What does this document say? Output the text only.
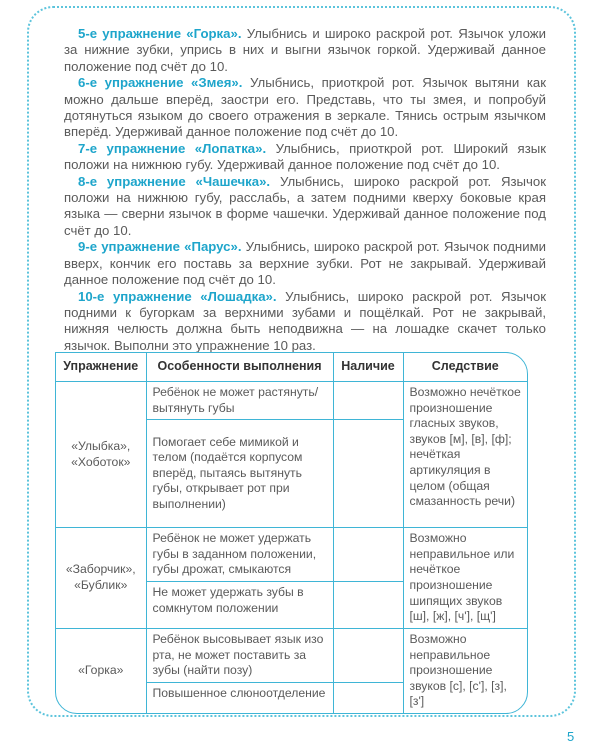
5-е упражнение «Горка». Улыбнись и широко раскрой рот. Язычок уложи за нижние зубки, упрись в них и выгни язычок горкой. Удерживай данное положение под счёт до 10.

6-е упражнение «Змея». Улыбнись, приоткрой рот. Язычок вытяни как можно дальше вперёд, заостри его. Представь, что ты змея, и попробуй дотянуться языком до своего отражения в зеркале. Тянись острым язычком вперёд. Удерживай данное положение под счёт до 10.

7-е упражнение «Лопатка». Улыбнись, приоткрой рот. Широкий язык положи на нижнюю губу. Удерживай данное положение под счёт до 10.

8-е упражнение «Чашечка». Улыбнись, широко раскрой рот. Язычок положи на нижнюю губу, расслабь, а затем подними кверху боковые края языка — сверни язычок в форме чашечки. Удерживай данное положение под счёт до 10.

9-е упражнение «Парус». Улыбнись, широко раскрой рот. Язычок подними вверх, кончик его поставь за верхние зубки. Рот не закрывай. Удерживай данное положение под счёт до 10.

10-е упражнение «Лошадка». Улыбнись, широко раскрой рот. Язычок подними к бугоркам за верхними зубами и пощёлкай. Рот не закрывай, нижняя челюсть должна быть неподвижна — на лошадке скачет только язычок. Выполни это упражнение 10 раз.

Упражнение	Особенности выполнения	Наличие	Следствие
«Улыбка», «Хоботок»	Ребёнок не может растянуть/вытянуть губы		Возможно нечёткое произношение гласных звуков, звуков [м], [в], [ф]; нечёткая артикуляция в целом (общая смазанность речи)
	Помогает себе мимикой и телом (подаётся корпусом вперёд, пытаясь вытянуть губы, открывает рот при выполнении)		
«Заборчик», «Бублик»	Ребёнок не может удержать губы в заданном положении, губы дрожат, смыкаются		Возможно неправильное или нечёткое произношение шипящих звуков [ш], [ж], [ч'], [щ']
	Не может удержать зубы в сомкнутом положении		
«Горка»	Ребёнок высовывает язык изо рта, не может поставить за зубы (найти позу)		Возможно неправильное произношение звуков [с], [с'], [з], [з']
	Повышенное слюноотделение		
5
